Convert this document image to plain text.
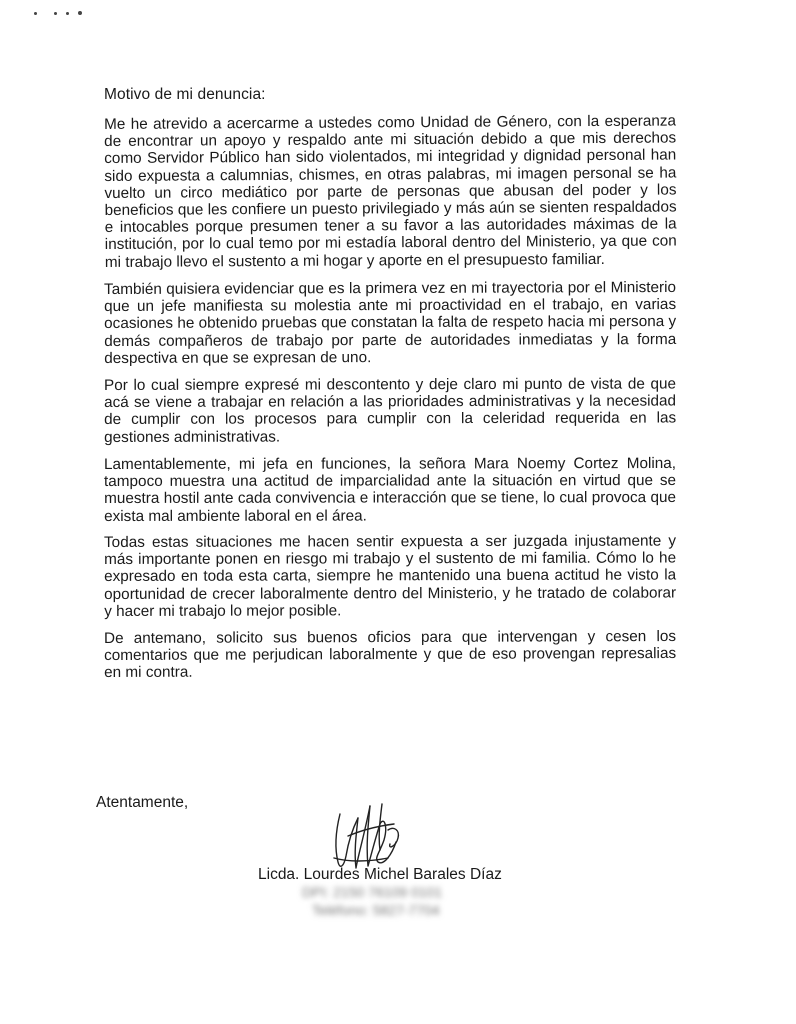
Motivo de mi denuncia:

Me he atrevido a acercarme a ustedes como Unidad de Género, con la esperanza de encontrar un apoyo y respaldo ante mi situación debido a que mis derechos como Servidor Público han sido violentados, mi integridad y dignidad personal han sido expuesta a calumnias, chismes, en otras palabras, mi imagen personal se ha vuelto un circo mediático por parte de personas que abusan del poder y los beneficios que les confiere un puesto privilegiado y más aún se sienten respaldados e intocables porque presumen tener a su favor a las autoridades máximas de la institución, por lo cual temo por mi estadía laboral dentro del Ministerio, ya que con mi trabajo llevo el sustento a mi hogar y aporte en el presupuesto familiar.

También quisiera evidenciar que es la primera vez en mi trayectoria por el Ministerio que un jefe manifiesta su molestia ante mi proactividad en el trabajo, en varias ocasiones he obtenido pruebas que constatan la falta de respeto hacia mi persona y demás compañeros de trabajo por parte de autoridades inmediatas y la forma despectiva en que se expresan de uno.

Por lo cual siempre expresé mi descontento y deje claro mi punto de vista de que acá se viene a trabajar en relación a las prioridades administrativas y la necesidad de cumplir con los procesos para cumplir con la celeridad requerida en las gestiones administrativas.

Lamentablemente, mi jefa en funciones, la señora Mara Noemy Cortez Molina, tampoco muestra una actitud de imparcialidad ante la situación en virtud que se muestra hostil ante cada convivencia e interacción que se tiene, lo cual provoca que exista mal ambiente laboral en el área.

Todas estas situaciones me hacen sentir expuesta a ser juzgada injustamente y más importante ponen en riesgo mi trabajo y el sustento de mi familia. Cómo lo he expresado en toda esta carta, siempre he mantenido una buena actitud he visto la oportunidad de crecer laboralmente dentro del Ministerio, y he tratado de colaborar y hacer mi trabajo lo mejor posible.

De antemano, solicito sus buenos oficios para que intervengan y cesen los comentarios que me perjudican laboralmente y que de eso provengan represalias en mi contra.

Atentamente,
Licda. Lourdes Michel Barales Díaz
DPI: 2150 76109 0101
Teléfono: 5827-7704
